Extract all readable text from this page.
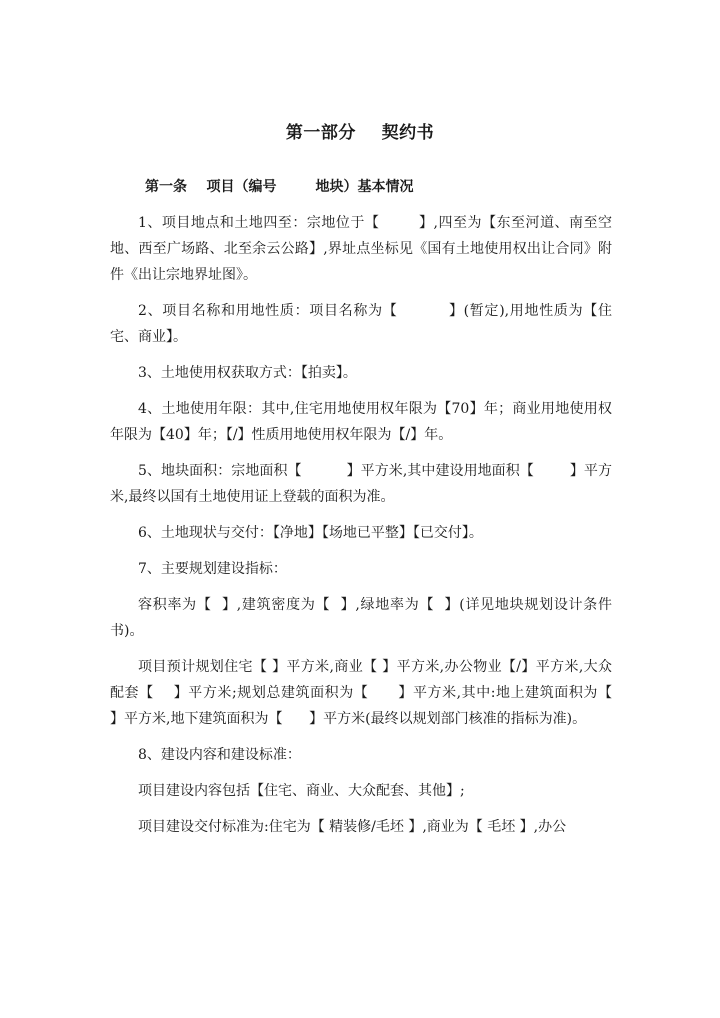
第一部分    契约书
第一条    项目（编号        地块）基本情况

1、项目地点和土地四至：宗地位于【        】,四至为【东至河道、南至空地、西至广场路、北至余云公路】,界址点坐标见《国有土地使用权出让合同》附件《出让宗地界址图》。

2、项目名称和用地性质：项目名称为【          】(暂定),用地性质为【住宅、商业】。

3、土地使用权获取方式：【拍卖】。

4、土地使用年限：其中,住宅用地使用权年限为【70】年；商业用地使用权年限为【40】年；【/】性质用地使用权年限为【/】年。

5、地块面积：宗地面积【          】平方米,其中建设用地面积【        】平方米,最终以国有土地使用证上登载的面积为准。

6、土地现状与交付：【净地】【场地已平整】【已交付】。

7、主要规划建设指标：

容积率为【  】,建筑密度为【  】,绿地率为【  】(详见地块规划设计条件书)。

项目预计规划住宅【 】平方米,商业【 】平方米,办公物业【/】平方米,大众配套【    】平方米;规划总建筑面积为【      】平方米,其中:地上建筑面积为【      】平方米,地下建筑面积为【      】平方米(最终以规划部门核准的指标为准)。

8、建设内容和建设标准：

项目建设内容包括【住宅、商业、大众配套、其他】;

项目建设交付标准为:住宅为【 精装修/毛坯 】,商业为【 毛坯 】,办公
